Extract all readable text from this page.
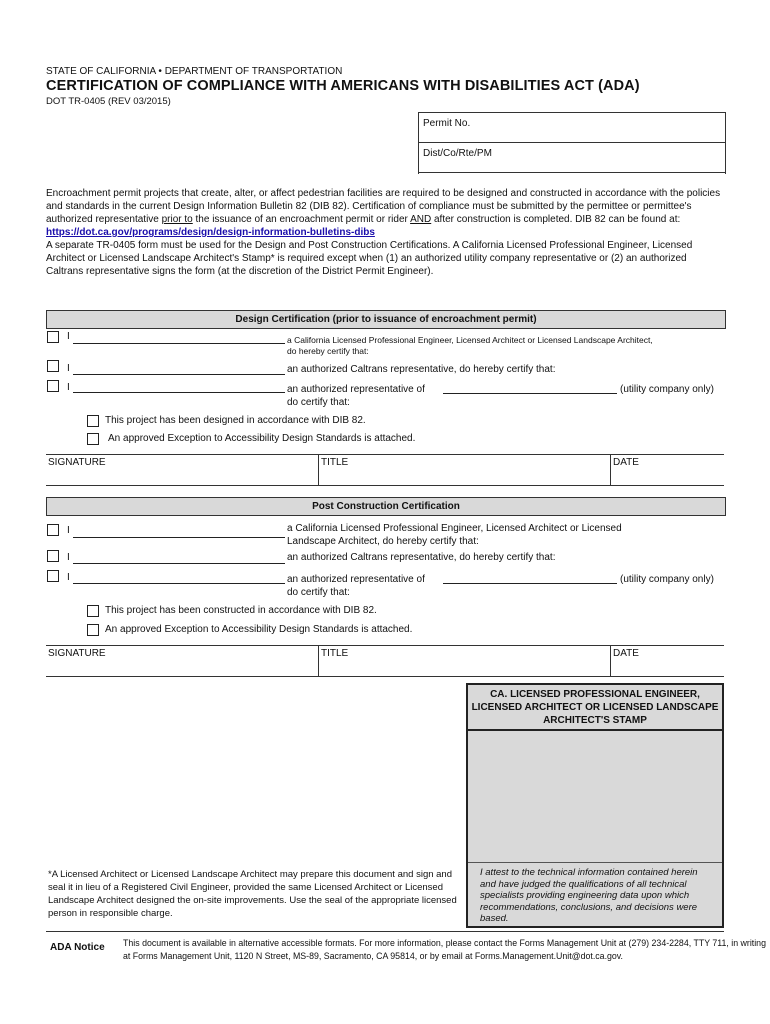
STATE OF CALIFORNIA • DEPARTMENT OF TRANSPORTATION
CERTIFICATION OF COMPLIANCE WITH AMERICANS WITH DISABILITIES ACT (ADA)
DOT TR-0405 (REV 03/2015)
Permit No.
Dist/Co/Rte/PM
Encroachment permit projects that create, alter, or affect pedestrian facilities are required to be designed and constructed in accordance with the policies and standards in the current Design Information Bulletin 82 (DIB 82). Certification of compliance must be submitted by the permittee or permittee's authorized representative prior to the issuance of an encroachment permit or rider AND after construction is completed. DIB 82 can be found at:
https://dot.ca.gov/programs/design/design-information-bulletins-dibs
A separate TR-0405 form must be used for the Design and Post Construction Certifications. A California Licensed Professional Engineer, Licensed Architect or Licensed Landscape Architect's Stamp* is required except when (1) an authorized utility company representative or (2) an authorized Caltrans representative signs the form (at the discretion of the District Permit Engineer).
Design Certification (prior to issuance of encroachment permit)
I	a California Licensed Professional Engineer, Licensed Architect or Licensed Landscape Architect,
do hereby certify that:
I	an authorized Caltrans representative, do hereby certify that:
I	an authorized representative of	(utility company only)
do certify that:
This project has been designed in accordance with DIB 82.
An approved Exception to Accessibility Design Standards is attached.
SIGNATURE	TITLE	DATE
Post Construction Certification
I	a California Licensed Professional Engineer, Licensed Architect or Licensed
Landscape Architect, do hereby certify that:
I	an authorized Caltrans representative, do hereby certify that:
I	an authorized representative of	(utility company only)
do certify that:
This project has been constructed in accordance with DIB 82.
An approved Exception to Accessibility Design Standards is attached.
SIGNATURE	TITLE	DATE
CA. LICENSED PROFESSIONAL ENGINEER, LICENSED ARCHITECT OR LICENSED LANDSCAPE ARCHITECT'S STAMP
I attest to the technical information contained herein and have judged the qualifications of all technical specialists providing engineering data upon which recommendations, conclusions, and decisions were based.
*A Licensed Architect or Licensed Landscape Architect may prepare this document and sign and seal it in lieu of a Registered Civil Engineer, provided the same Licensed Architect or Licensed Landscape Architect designed the on-site improvements. Use the seal of the appropriate licensed person in responsible charge.
ADA Notice This document is available in alternative accessible formats. For more information, please contact the Forms Management Unit at (279) 234-2284, TTY 711, in writing at Forms Management Unit, 1120 N Street, MS-89, Sacramento, CA 95814, or by email at Forms.Management.Unit@dot.ca.gov.
